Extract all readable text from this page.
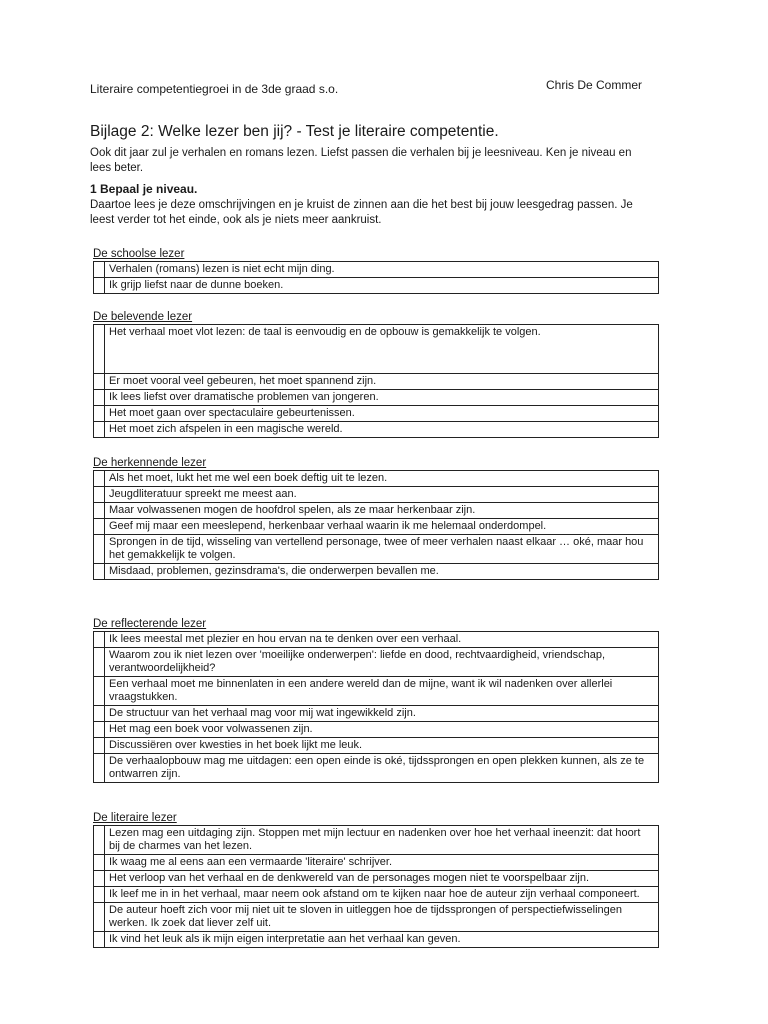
Literaire competentiegroei in de 3de graad s.o.	Chris De Commer
Bijlage 2: Welke lezer ben jij? - Test je literaire competentie.
Ook dit jaar zul je verhalen en romans lezen. Liefst passen die verhalen bij je leesniveau. Ken je niveau en lees beter.
1 Bepaal je niveau.
Daartoe lees je deze omschrijvingen en je kruist de zinnen aan die het best bij jouw leesgedrag passen. Je leest verder tot het einde, ook als je niets meer aankruist.
De schoolse lezer
	Verhalen (romans) lezen is niet echt mijn ding.
	Ik grijp liefst naar de dunne boeken.
De belevende lezer
	Het verhaal moet vlot lezen: de taal is eenvoudig en de opbouw is gemakkelijk te volgen.
	Er moet vooral veel gebeuren, het moet spannend zijn.
	Ik lees liefst over dramatische problemen van jongeren.
	Het moet gaan over spectaculaire gebeurtenissen.
	Het moet zich afspelen in een magische wereld.
De herkennende lezer
	Als het moet, lukt het me wel een boek deftig uit te lezen.
	Jeugdliteratuur spreekt me meest aan.
	Maar volwassenen mogen de hoofdrol spelen, als ze maar herkenbaar zijn.
	Geef mij maar een meeslepend, herkenbaar verhaal waarin ik me helemaal onderdompel.
	Sprongen in de tijd, wisseling van vertellend personage, twee of meer verhalen naast elkaar … oké, maar hou het gemakkelijk te volgen.
	Misdaad, problemen, gezinsdrama's, die onderwerpen bevallen me.
De reflecterende lezer
	Ik lees meestal met plezier en hou ervan na te denken over een verhaal.
	Waarom zou ik niet lezen over 'moeilijke onderwerpen': liefde en dood, rechtvaardigheid, vriendschap, verantwoordelijkheid?
	Een verhaal moet me binnenlaten in een andere wereld dan de mijne, want ik wil nadenken over allerlei vraagstukken.
	De structuur van het verhaal mag voor mij wat ingewikkeld zijn.
	Het mag een boek voor volwassenen zijn.
	Discussiëren over kwesties in het boek lijkt me leuk.
	De verhaalopbouw mag me uitdagen: een open einde is oké, tijdssprongen en open plekken kunnen, als ze te ontwarren zijn.
De literaire lezer
	Lezen mag een uitdaging zijn. Stoppen met mijn lectuur en nadenken over hoe het verhaal ineenzit: dat hoort bij de charmes van het lezen.
	Ik waag me al eens aan een vermaarde 'literaire' schrijver.
	Het verloop van het verhaal en de denkwereld van de personages mogen niet te voorspelbaar zijn.
	Ik leef me in in het verhaal, maar neem ook afstand om te kijken naar hoe de auteur zijn verhaal componeert.
	De auteur hoeft zich voor mij niet uit te sloven in uitleggen hoe de tijdssprongen of perspectiefwisselingen werken. Ik zoek dat liever zelf uit.
	Ik vind het leuk als ik mijn eigen interpretatie aan het verhaal kan geven.
